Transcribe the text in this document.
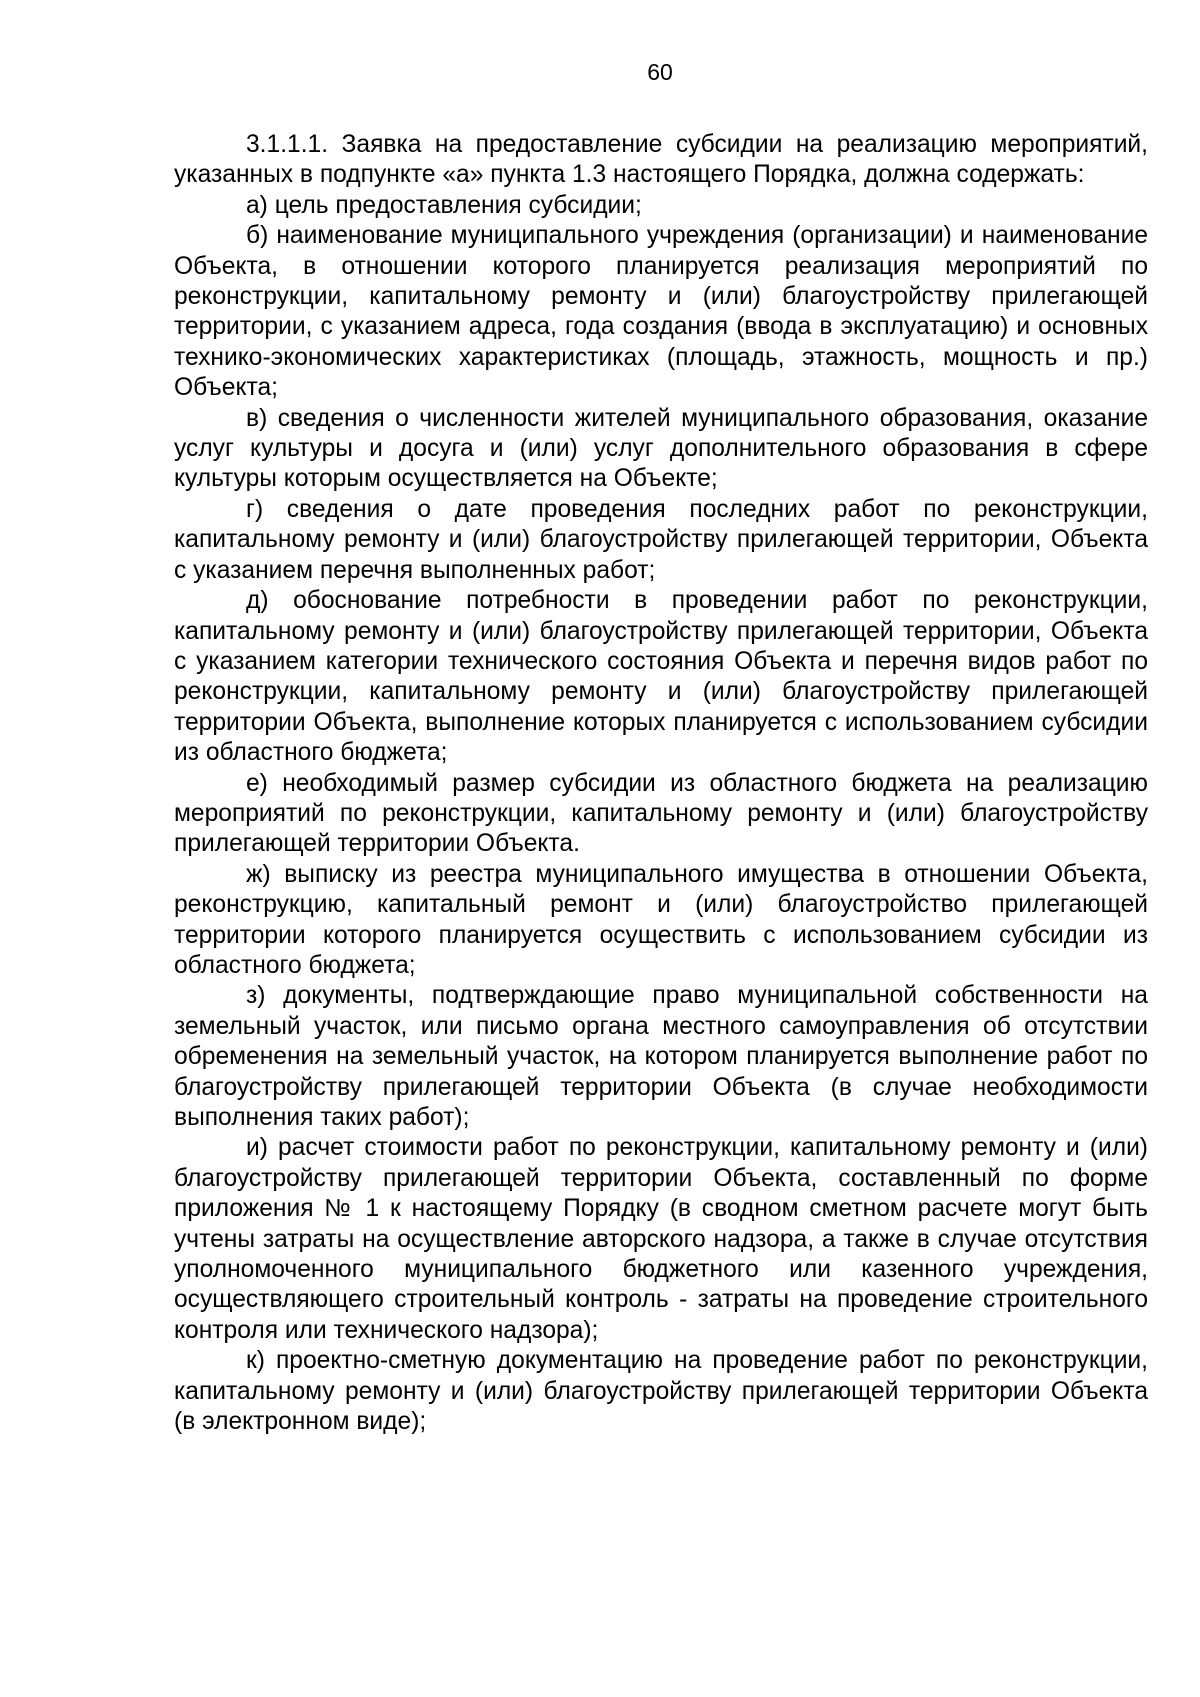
60

3.1.1.1. Заявка на предоставление субсидии на реализацию мероприятий, указанных в подпункте «а» пункта 1.3 настоящего Порядка, должна содержать:

а) цель предоставления субсидии;

б) наименование муниципального учреждения (организации) и наименование Объекта, в отношении которого планируется реализация мероприятий по реконструкции, капитальному ремонту и (или) благоустройству прилегающей территории, с указанием адреса, года создания (ввода в эксплуатацию) и основных технико-экономических характеристиках (площадь, этажность, мощность и пр.) Объекта;

в) сведения о численности жителей муниципального образования, оказание услуг культуры и досуга и (или) услуг дополнительного образования в сфере культуры которым осуществляется на Объекте;

г) сведения о дате проведения последних работ по реконструкции, капитальному ремонту и (или) благоустройству прилегающей территории, Объекта с указанием перечня выполненных работ;

д) обоснование потребности в проведении работ по реконструкции, капитальному ремонту и (или) благоустройству прилегающей территории, Объекта с указанием категории технического состояния Объекта и перечня видов работ по реконструкции, капитальному ремонту и (или) благоустройству прилегающей территории Объекта, выполнение которых планируется с использованием субсидии из областного бюджета;

е) необходимый размер субсидии из областного бюджета на реализацию мероприятий по реконструкции, капитальному ремонту и (или) благоустройству прилегающей территории Объекта.

ж) выписку из реестра муниципального имущества в отношении Объекта, реконструкцию, капитальный ремонт и (или) благоустройство прилегающей территории которого планируется осуществить с использованием субсидии из областного бюджета;

з) документы, подтверждающие право муниципальной собственности на земельный участок, или письмо органа местного самоуправления об отсутствии обременения на земельный участок, на котором планируется выполнение работ по благоустройству прилегающей территории Объекта (в случае необходимости выполнения таких работ);

и) расчет стоимости работ по реконструкции, капитальному ремонту и (или) благоустройству прилегающей территории Объекта, составленный по форме приложения № 1 к настоящему Порядку (в сводном сметном расчете могут быть учтены затраты на осуществление авторского надзора, а также в случае отсутствия уполномоченного муниципального бюджетного или казенного учреждения, осуществляющего строительный контроль - затраты на проведение строительного контроля или технического надзора);

к) проектно-сметную документацию на проведение работ по реконструкции, капитальному ремонту и (или) благоустройству прилегающей территории Объекта (в электронном виде);
